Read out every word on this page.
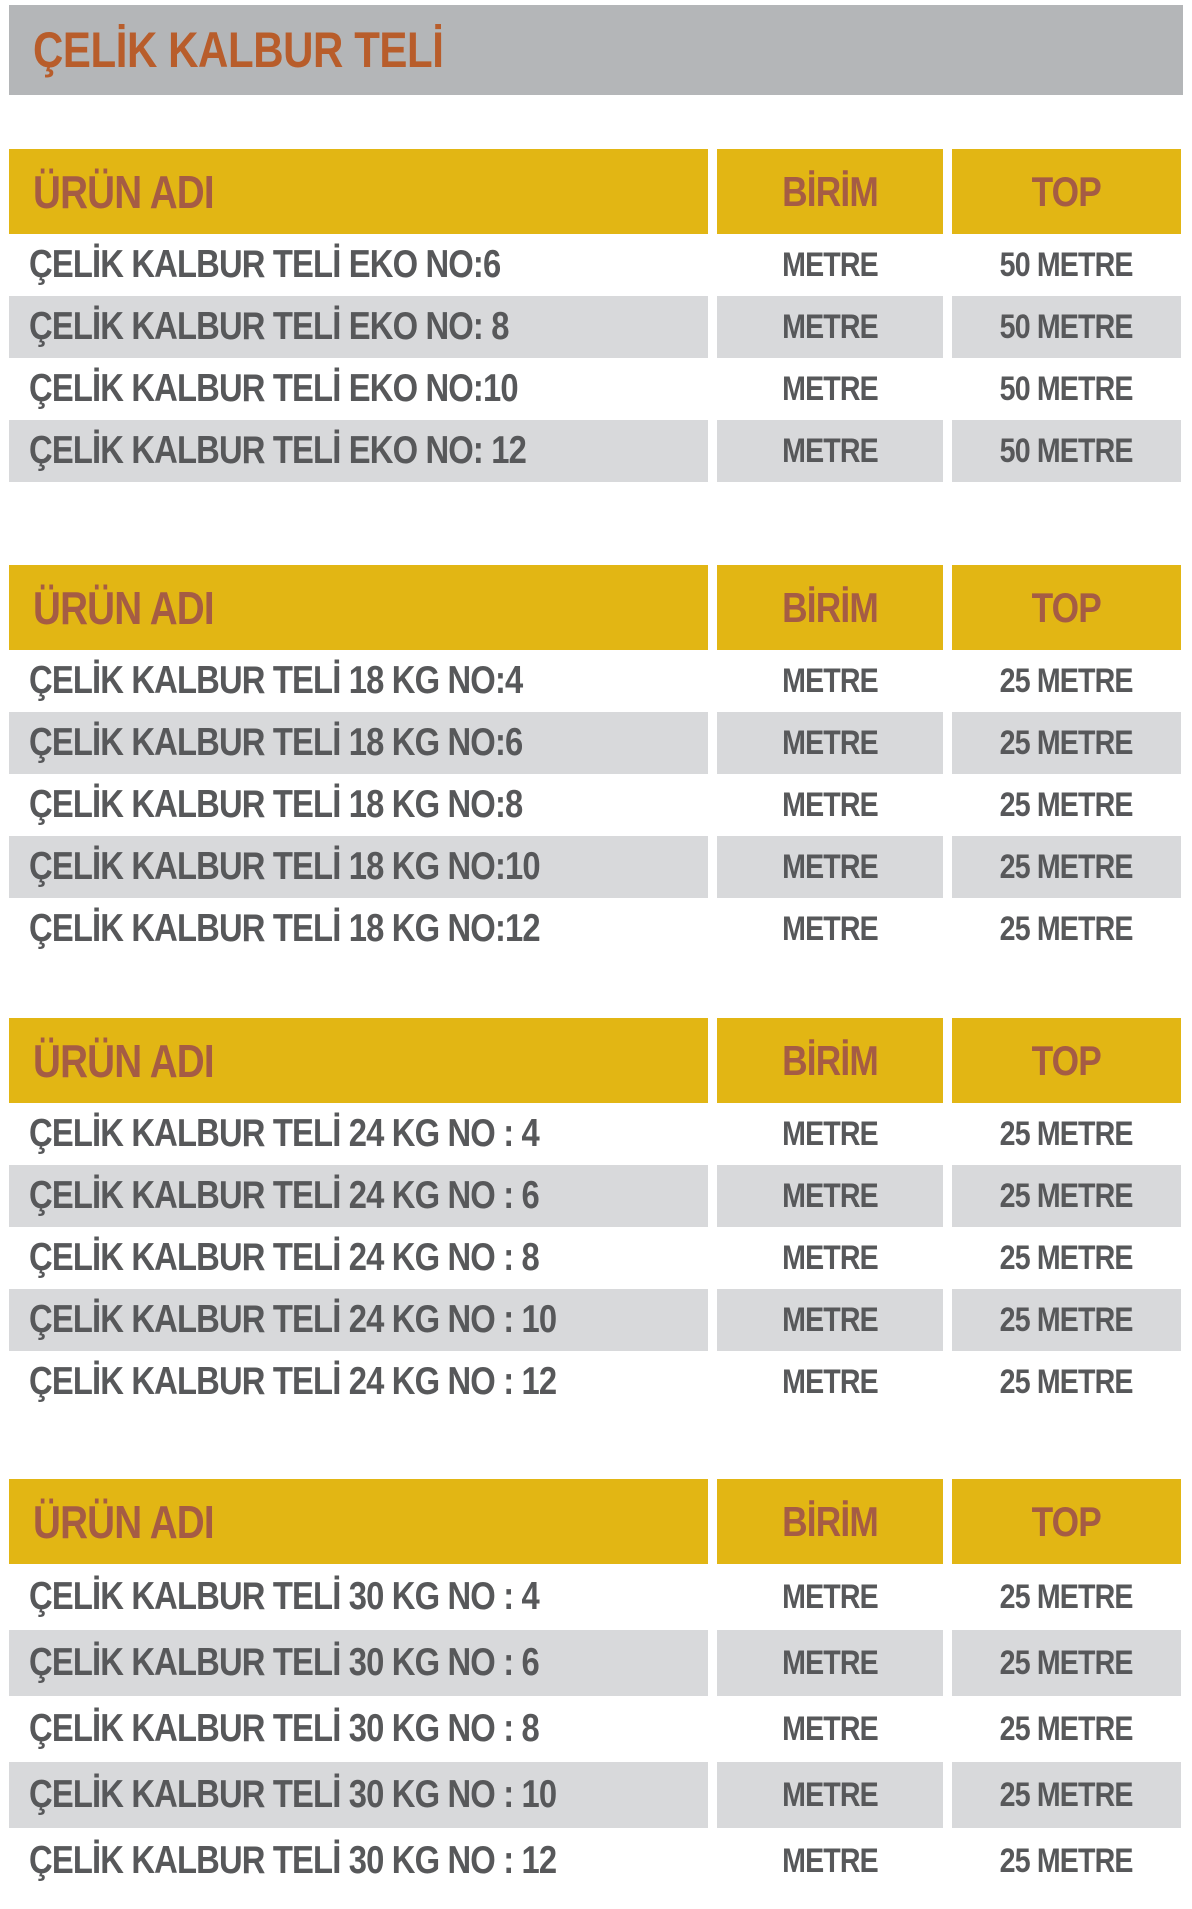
ÇELİK KALBUR TELİ
ÜRÜN ADI	BİRİM	TOP
ÇELİK KALBUR TELİ EKO NO:6	METRE	50 METRE
ÇELİK KALBUR TELİ EKO NO: 8	METRE	50 METRE
ÇELİK KALBUR TELİ EKO NO:10	METRE	50 METRE
ÇELİK KALBUR TELİ EKO NO: 12	METRE	50 METRE
ÜRÜN ADI	BİRİM	TOP
ÇELİK KALBUR TELİ 18 KG NO:4	METRE	25 METRE
ÇELİK KALBUR TELİ 18 KG NO:6	METRE	25 METRE
ÇELİK KALBUR TELİ 18 KG NO:8	METRE	25 METRE
ÇELİK KALBUR TELİ 18 KG NO:10	METRE	25 METRE
ÇELİK KALBUR TELİ 18 KG NO:12	METRE	25 METRE
ÜRÜN ADI	BİRİM	TOP
ÇELİK KALBUR TELİ 24 KG NO : 4	METRE	25 METRE
ÇELİK KALBUR TELİ 24 KG NO : 6	METRE	25 METRE
ÇELİK KALBUR TELİ 24 KG NO : 8	METRE	25 METRE
ÇELİK KALBUR TELİ 24 KG NO : 10	METRE	25 METRE
ÇELİK KALBUR TELİ 24 KG NO : 12	METRE	25 METRE
ÜRÜN ADI	BİRİM	TOP
ÇELİK KALBUR TELİ 30 KG NO : 4	METRE	25 METRE
ÇELİK KALBUR TELİ 30 KG NO : 6	METRE	25 METRE
ÇELİK KALBUR TELİ 30 KG NO : 8	METRE	25 METRE
ÇELİK KALBUR TELİ 30 KG NO : 10	METRE	25 METRE
ÇELİK KALBUR TELİ 30 KG NO : 12	METRE	25 METRE
